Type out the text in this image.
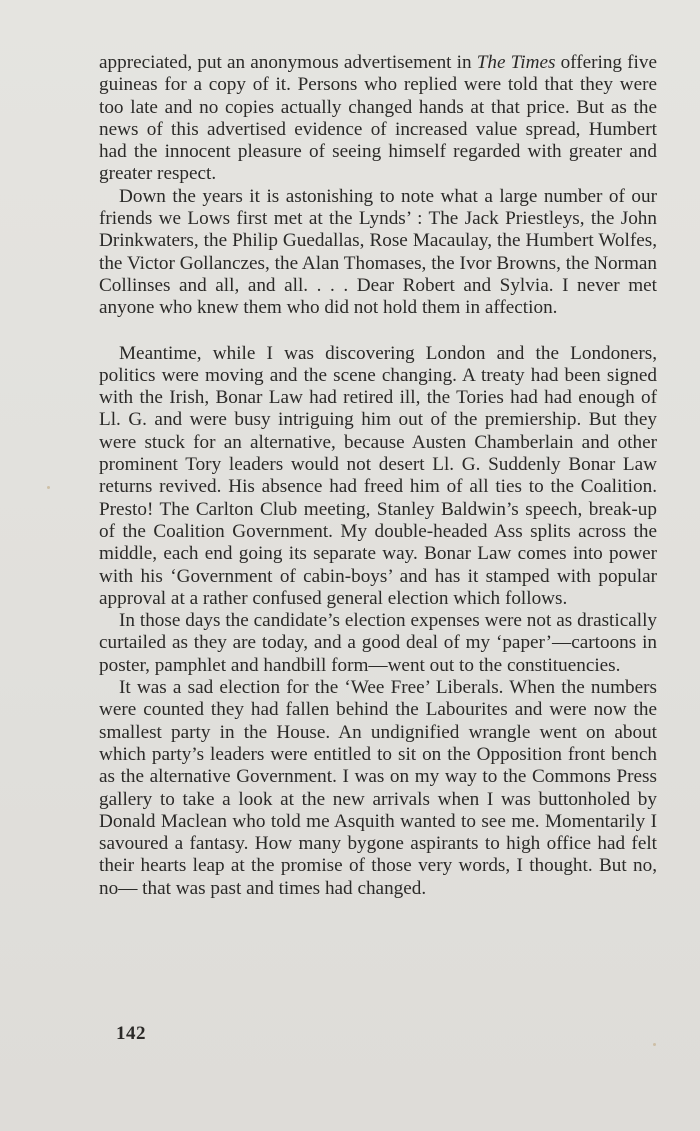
appreciated, put an anonymous advertisement in The Times offering five guineas for a copy of it. Persons who replied were told that they were too late and no copies actually changed hands at that price. But as the news of this advertised evidence of increased value spread, Humbert had the innocent pleasure of seeing himself regarded with greater and greater respect.

Down the years it is astonishing to note what a large number of our friends we Lows first met at the Lynds’ : The Jack Priestleys, the John Drinkwaters, the Philip Guedallas, Rose Macaulay, the Humbert Wolfes, the Victor Gollanczes, the Alan Thomases, the Ivor Browns, the Norman Collinses and all, and all. . . . Dear Robert and Sylvia. I never met anyone who knew them who did not hold them in affection.

Meantime, while I was discovering London and the Londoners, politics were moving and the scene changing. A treaty had been signed with the Irish, Bonar Law had retired ill, the Tories had had enough of Ll. G. and were busy intriguing him out of the premiership. But they were stuck for an alternative, because Austen Chamberlain and other prominent Tory leaders would not desert Ll. G. Suddenly Bonar Law returns revived. His absence had freed him of all ties to the Coalition. Presto! The Carlton Club meeting, Stanley Baldwin’s speech, break-up of the Coalition Government. My double-headed Ass splits across the middle, each end going its separate way. Bonar Law comes into power with his ‘Government of cabin-boys’ and has it stamped with popular approval at a rather confused general election which follows.

In those days the candidate’s election expenses were not as drastically curtailed as they are today, and a good deal of my ‘paper’—cartoons in poster, pamphlet and handbill form—went out to the constituencies.

It was a sad election for the ‘Wee Free’ Liberals. When the numbers were counted they had fallen behind the Labourites and were now the smallest party in the House. An undignified wrangle went on about which party’s leaders were entitled to sit on the Opposition front bench as the alternative Government. I was on my way to the Commons Press gallery to take a look at the new arrivals when I was buttonholed by Donald Maclean who told me Asquith wanted to see me. Momentarily I savoured a fantasy. How many bygone aspirants to high office had felt their hearts leap at the promise of those very words, I thought. But no, no— that was past and times had changed.

142
